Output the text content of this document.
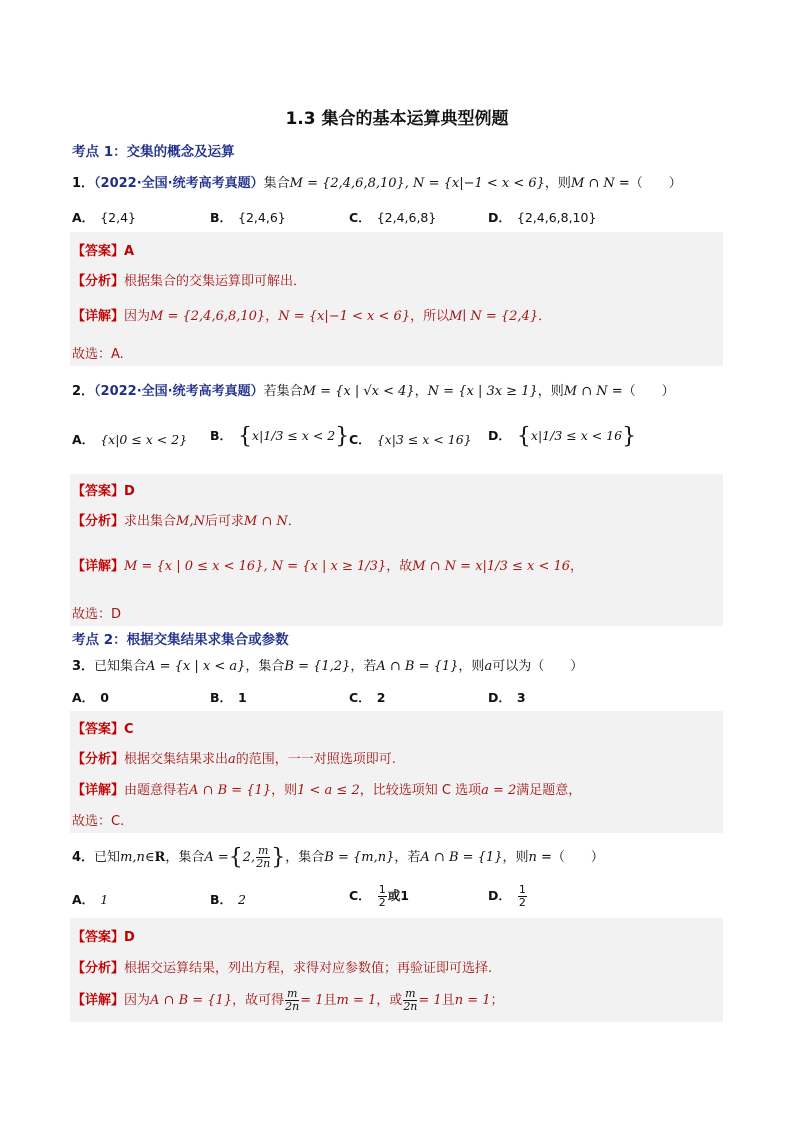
1.3 集合的基本运算典型例题
考点 1：交集的概念及运算
1．（2022·全国·统考高考真题）集合M = {2,4,6,8,10}, N = {x|−1 < x < 6}，则M ∩ N =（　　）
A． {2,4}	B． {2,4,6}	C． {2,4,6,8}	D． {2,4,6,8,10}
【答案】A
【分析】根据集合的交集运算即可解出．
【详解】因为M = {2,4,6,8,10}，N = {x|−1 < x < 6}，所以M∣ N = {2,4}．
故选：A.
2．（2022·全国·统考高考真题）若集合M = {x | √x < 4}，N = {x | 3x ≥ 1}，则M ∩ N =（　　）
A． {x|0 ≤ x < 2} B． {x|1/3 ≤ x < 2} C． {x|3 ≤ x < 16} D． {x|1/3 ≤ x < 16}
【答案】D
【分析】求出集合M,N后可求M ∩ N．
【详解】M = {x | 0 ≤ x < 16}, N = {x | x ≥ 1/3}，故M ∩ N = x|1/3 ≤ x < 16，
故选：D
考点 2：根据交集结果求集合或参数
3．已知集合A = {x | x < a}，集合B = {1,2}，若A ∩ B = {1}，则a可以为（　　）
A． 0	B． 1	C． 2	D． 3
【答案】C
【分析】根据交集结果求出a的范围，一一对照选项即可.
【详解】由题意得若A ∩ B = {1}，则1 < a ≤ 2，比较选项知 C 选项a = 2满足题意，
故选：C.
4．已知m,n∈R，集合A ={2, $\frac{m}{2n}$ }，集合B = {m,n}，若A ∩ B = {1}，则n =（　　）
A． 1	B． 2	C． $\frac{1}{2}$ 或1	D． $\frac{1}{2}$
【答案】D
【分析】根据交运算结果，列出方程，求得对应参数值；再验证即可选择.
【详解】因为A ∩ B = {1}，故可得 $\frac{m}{2n} = 1$且m = 1，或 $\frac{m}{2n} = 1$且n = 1；
